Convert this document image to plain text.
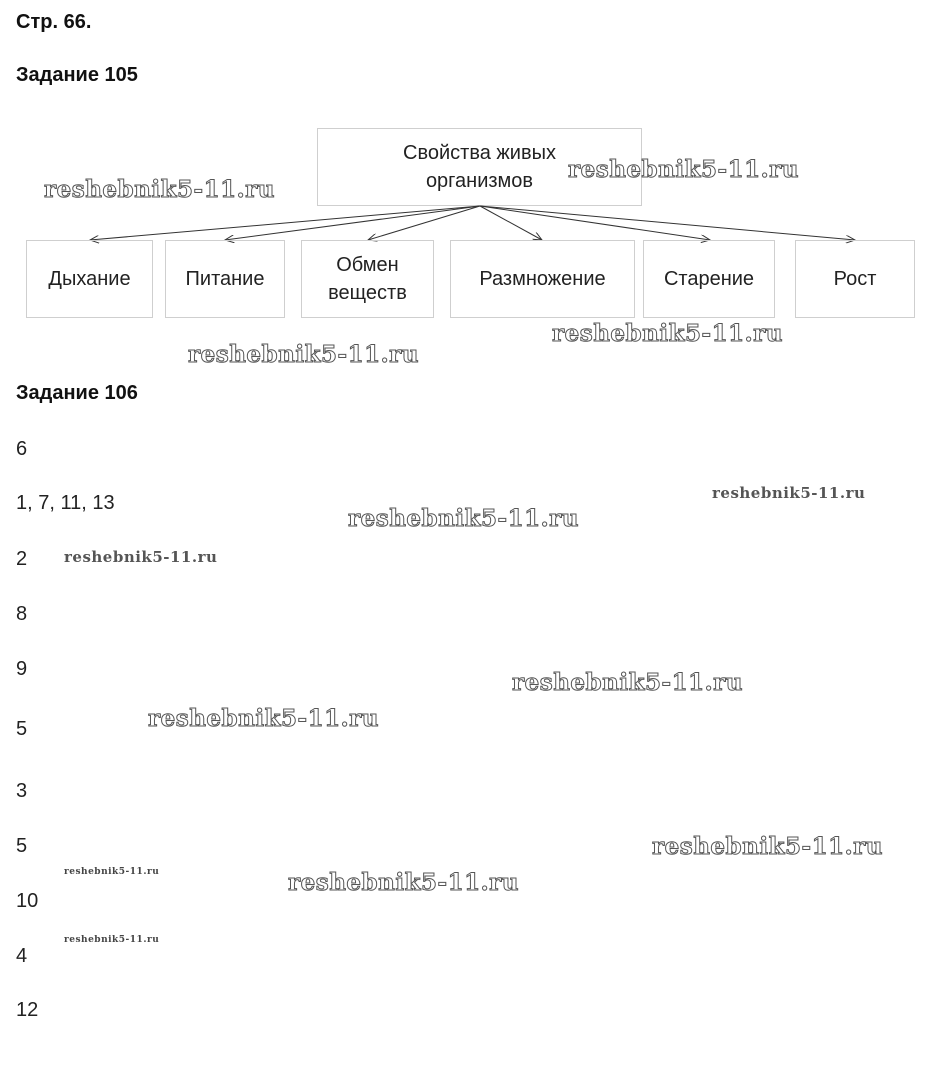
Стр. 66.
Задание 105
Свойства живых
организмов
Дыхание	Питание
Обмен
веществ
Размножение	Старение	Рост
Задание 106
6
1, 7, 11, 13
2
8
9
5
3
5
10
4
12
reshebnik5-11.ru
reshebnik5-11.ru
reshebnik5-11.ru
reshebnik5-11.ru
reshebnik5-11.ru
reshebnik5-11.ru
reshebnik5-11.ru
reshebnik5-11.ru
reshebnik5-11.ru
reshebnik5-11.ru
reshebnik5-11.ru	reshebnik5-11.ru
reshebnik5-11.ru
